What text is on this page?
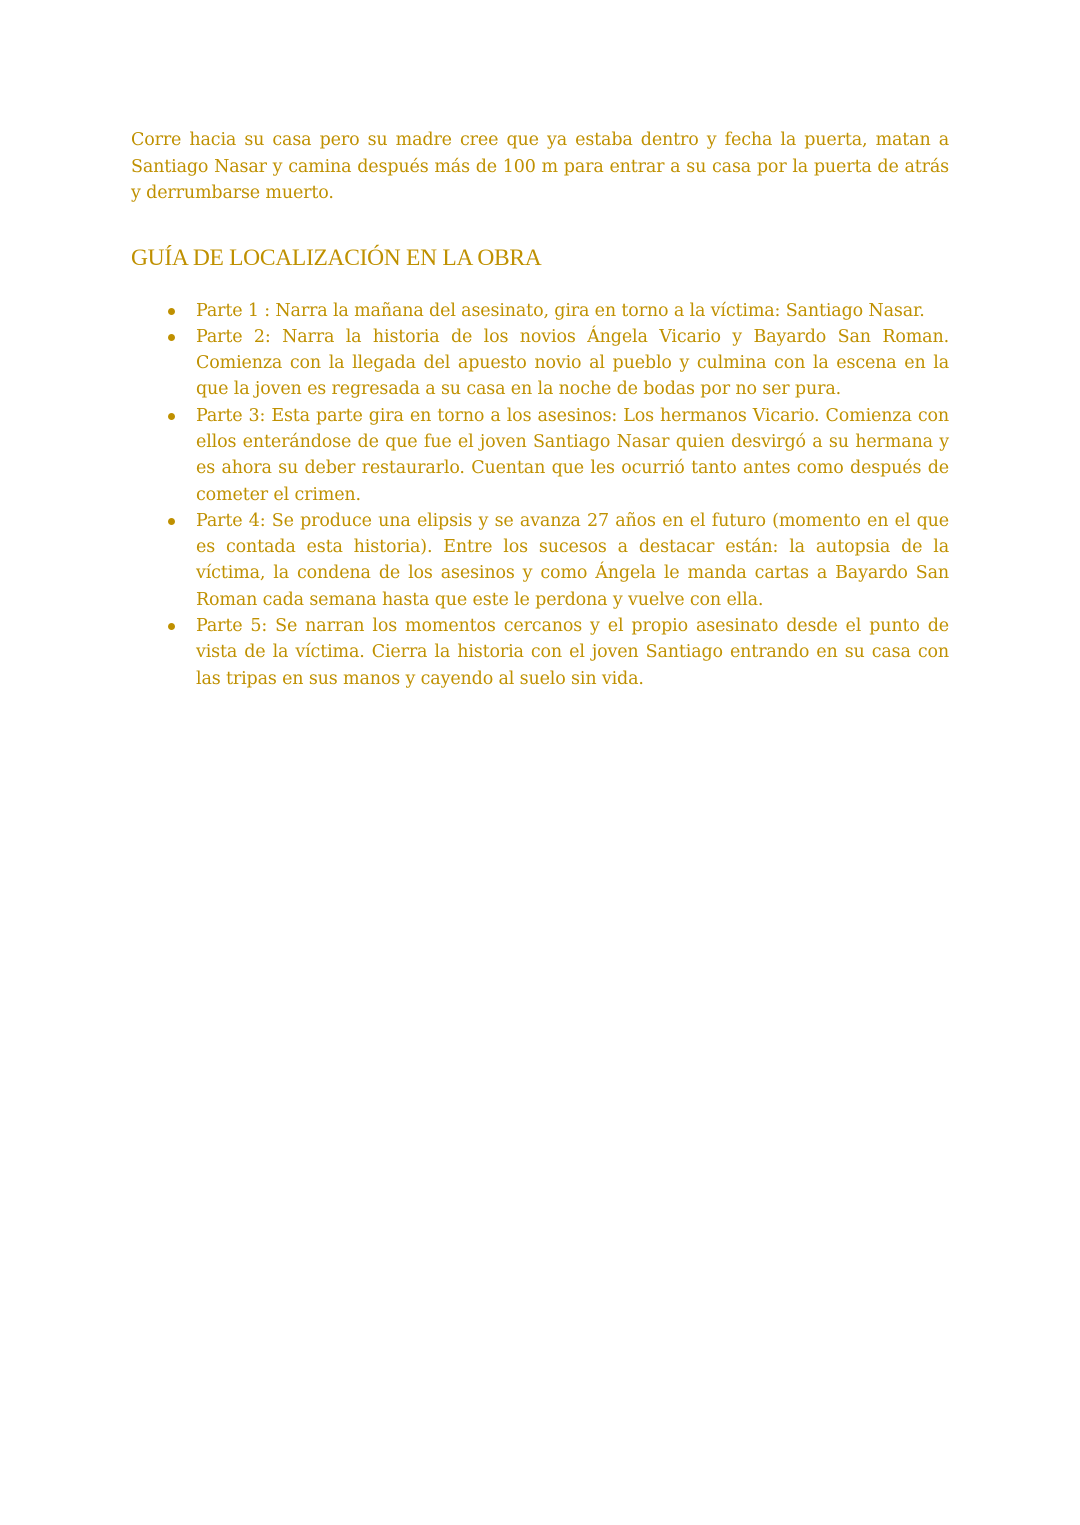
Corre hacia su casa pero su madre cree que ya estaba dentro y fecha la puerta, matan a Santiago Nasar y camina después más de 100 m para entrar a su casa por la puerta de atrás y derrumbarse muerto.

GUÍA DE LOCALIZACIÓN EN LA OBRA
Parte 1 : Narra la mañana del asesinato, gira en torno a la víctima: Santiago Nasar.
Parte 2: Narra la historia de los novios Ángela Vicario y Bayardo San Roman. Comienza con la llegada del apuesto novio al pueblo y culmina con la escena en la que la joven es regresada a su casa en la noche de bodas por no ser pura.
Parte 3: Esta parte gira en torno a los asesinos: Los hermanos Vicario. Comienza con ellos enterándose de que fue el joven Santiago Nasar quien desvirgó a su hermana y es ahora su deber restaurarlo. Cuentan que les ocurrió tanto antes como después de cometer el crimen.
Parte 4: Se produce una elipsis y se avanza 27 años en el futuro (momento en el que es contada esta historia). Entre los sucesos a destacar están: la autopsia de la víctima, la condena de los asesinos y como Ángela le manda cartas a Bayardo San Roman cada semana hasta que este le perdona y vuelve con ella.
Parte 5: Se narran los momentos cercanos y el propio asesinato desde el punto de vista de la víctima. Cierra la historia con el joven Santiago entrando en su casa con las tripas en sus manos y cayendo al suelo sin vida.
